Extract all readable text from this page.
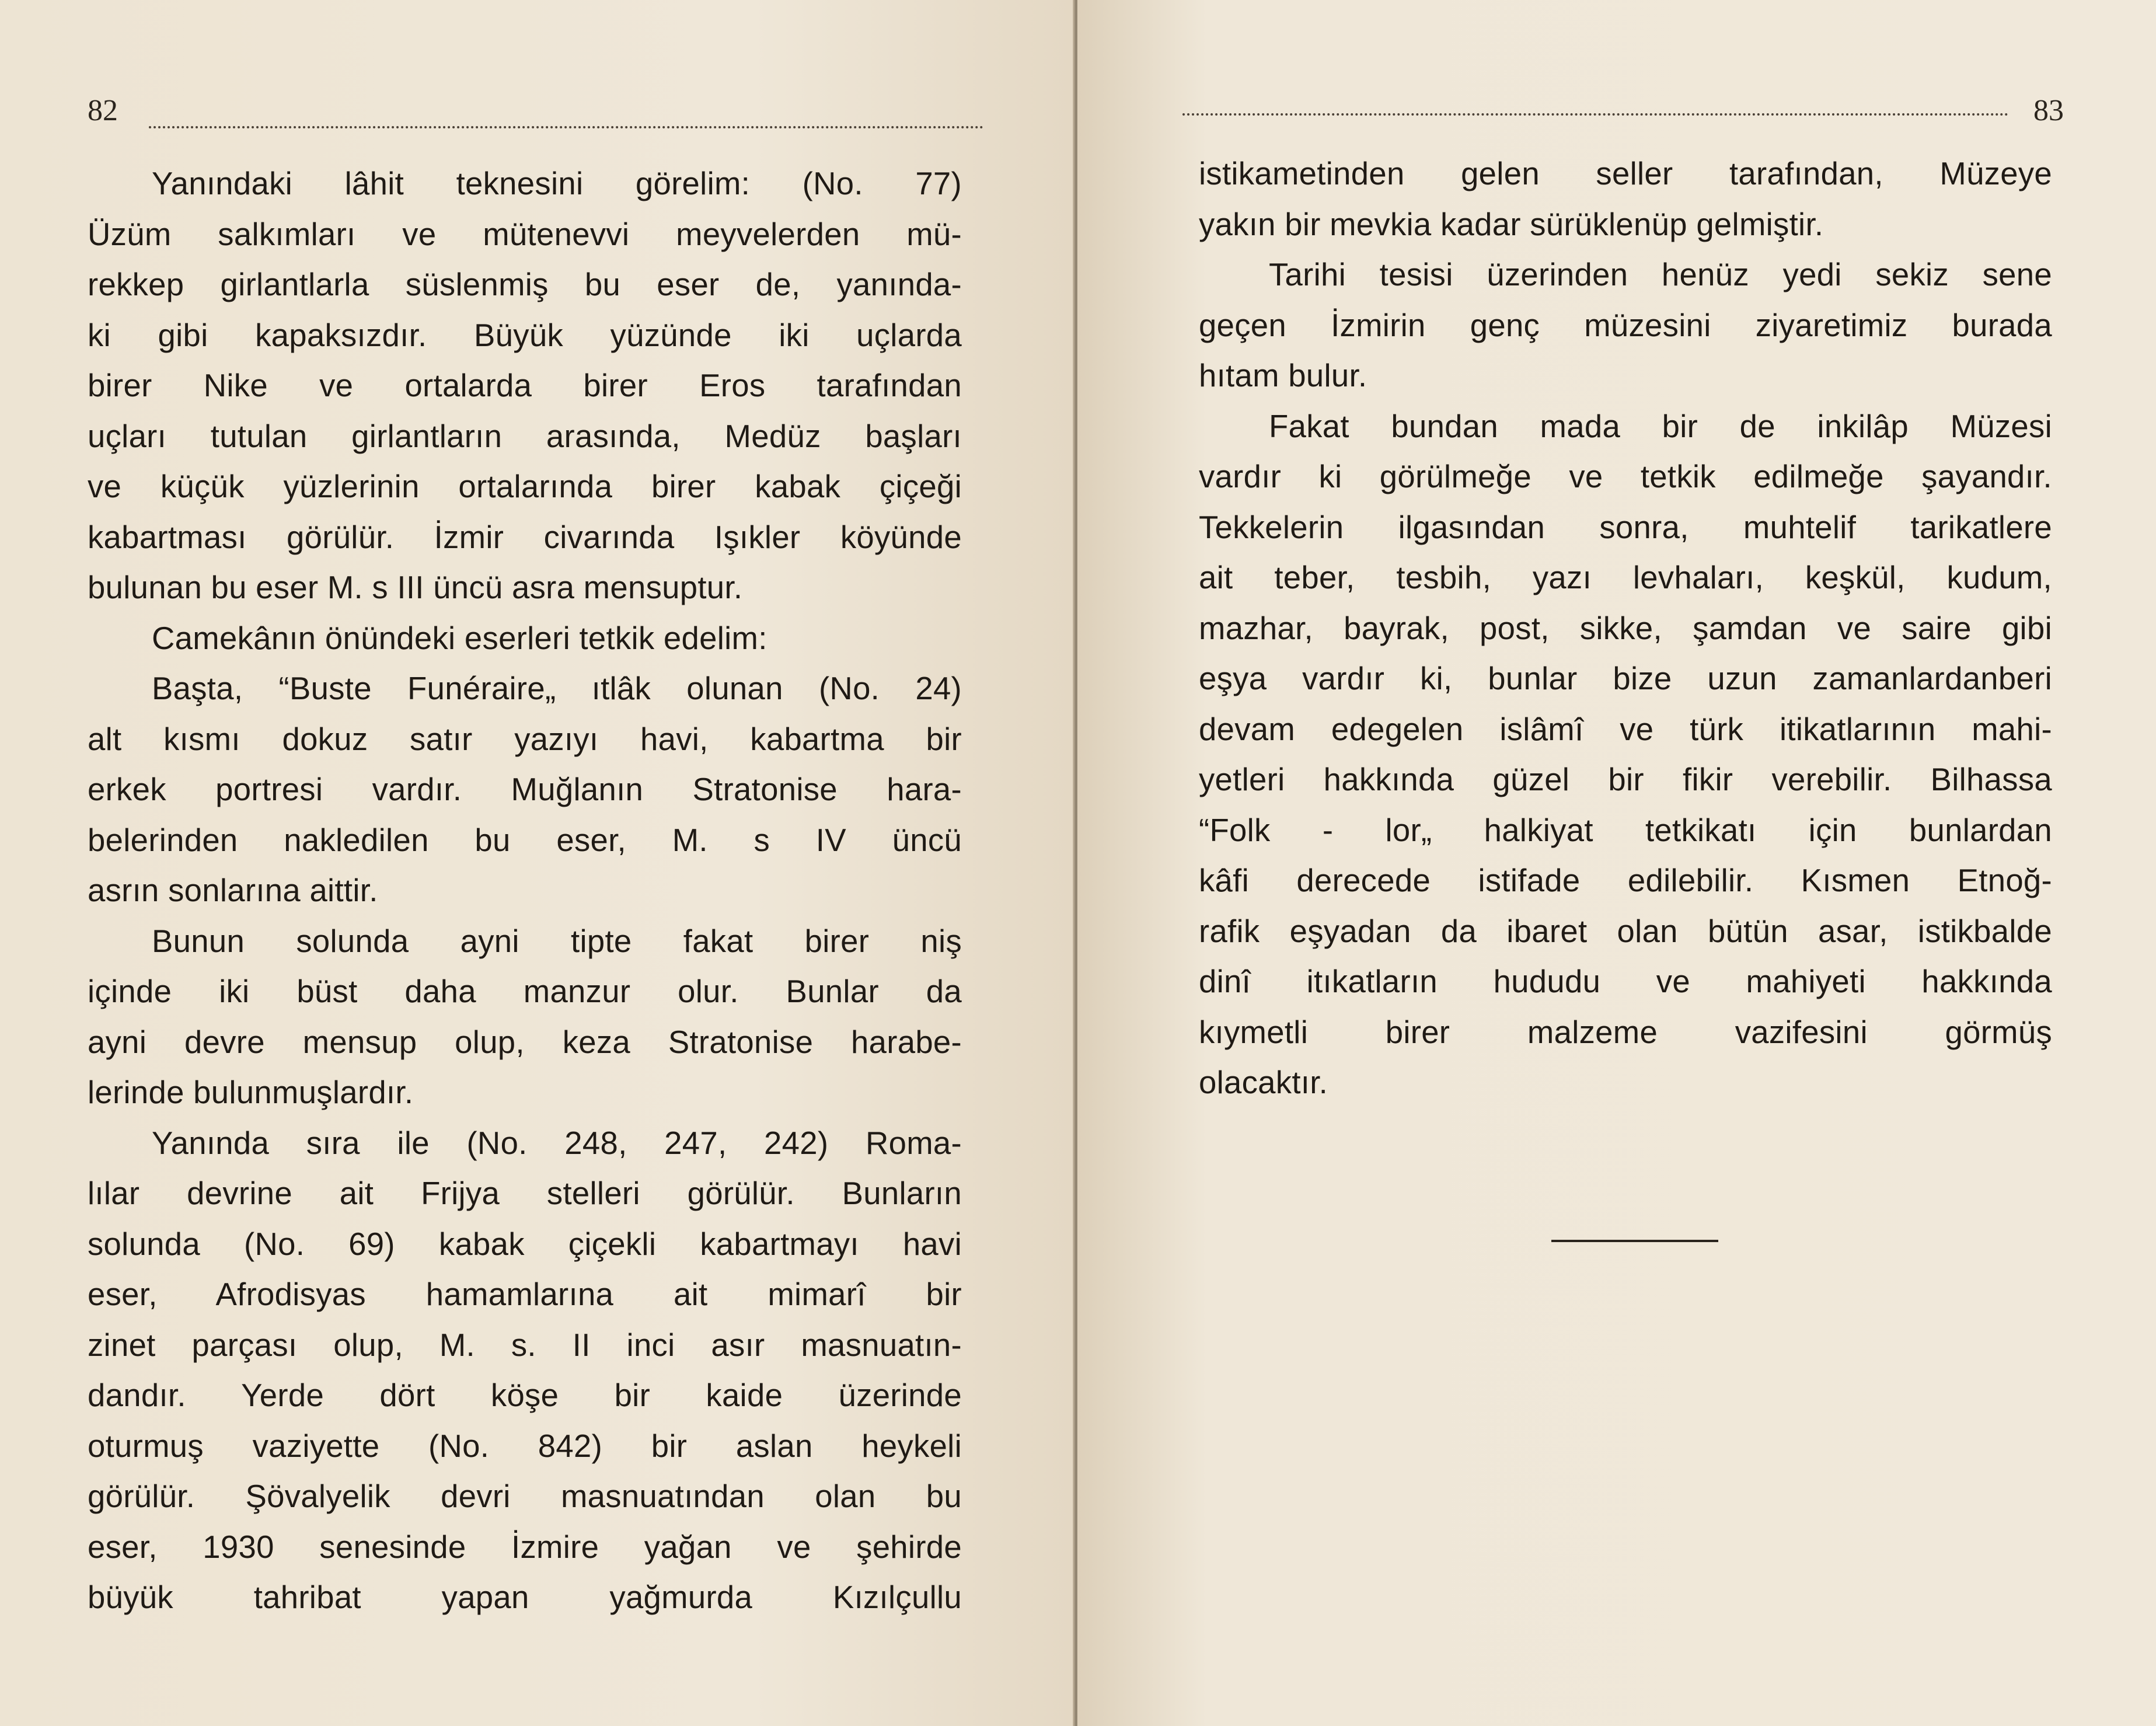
82
Yanındaki lâhit teknesini görelim: (No. 77)
Üzüm salkımları ve mütenevvi meyvelerden mü-
rekkep girlantlarla süslenmiş bu eser de, yanında-
ki gibi kapaksızdır. Büyük yüzünde iki uçlarda
birer Nike ve ortalarda birer Eros tarafından
uçları tutulan girlantların arasında, Medüz başları
ve küçük yüzlerinin ortalarında birer kabak çiçeği
kabartması görülür. İzmir civarında Işıkler köyünde
bulunan bu eser M. s III üncü asra mensuptur.
Camekânın önündeki eserleri tetkik edelim:
Başta, “Buste Funéraire„ ıtlâk olunan (No. 24)
alt kısmı dokuz satır yazıyı havi, kabartma bir
erkek portresi vardır. Muğlanın Stratonise hara-
belerinden nakledilen bu eser, M. s IV üncü
asrın sonlarına aittir.
Bunun solunda ayni tipte fakat birer niş
içinde iki büst daha manzur olur. Bunlar da
ayni devre mensup olup, keza Stratonise harabe-
lerinde bulunmuşlardır.
Yanında sıra ile (No. 248, 247, 242) Roma-
lılar devrine ait Frijya stelleri görülür. Bunların
solunda (No. 69) kabak çiçekli kabartmayı havi
eser, Afrodisyas hamamlarına ait mimarî bir
zinet parçası olup, M. s. II inci asır masnuatın-
dandır. Yerde dört köşe bir kaide üzerinde
oturmuş vaziyette (No. 842) bir aslan heykeli
görülür. Şövalyelik devri masnuatından olan bu
eser, 1930 senesinde İzmire yağan ve şehirde
büyük tahribat yapan yağmurda Kızılçullu
83
istikametinden gelen seller tarafından, Müzeye
yakın bir mevkia kadar sürüklenüp gelmiştir.
Tarihi tesisi üzerinden henüz yedi sekiz sene
geçen İzmirin genç müzesini ziyaretimiz burada
hıtam bulur.
Fakat bundan mada bir de inkilâp Müzesi
vardır ki görülmeğe ve tetkik edilmeğe şayandır.
Tekkelerin ilgasından sonra, muhtelif tarikatlere
ait teber, tesbih, yazı levhaları, keşkül, kudum,
mazhar, bayrak, post, sikke, şamdan ve saire gibi
eşya vardır ki, bunlar bize uzun zamanlardanberi
devam edegelen islâmî ve türk itikatlarının mahi-
yetleri hakkında güzel bir fikir verebilir. Bilhassa
“Folk - lor„ halkiyat tetkikatı için bunlardan
kâfi derecede istifade edilebilir. Kısmen Etnoğ-
rafik eşyadan da ibaret olan bütün asar, istikbalde
dinî itıkatların hududu ve mahiyeti hakkında
kıymetli birer malzeme vazifesini görmüş
olacaktır.
